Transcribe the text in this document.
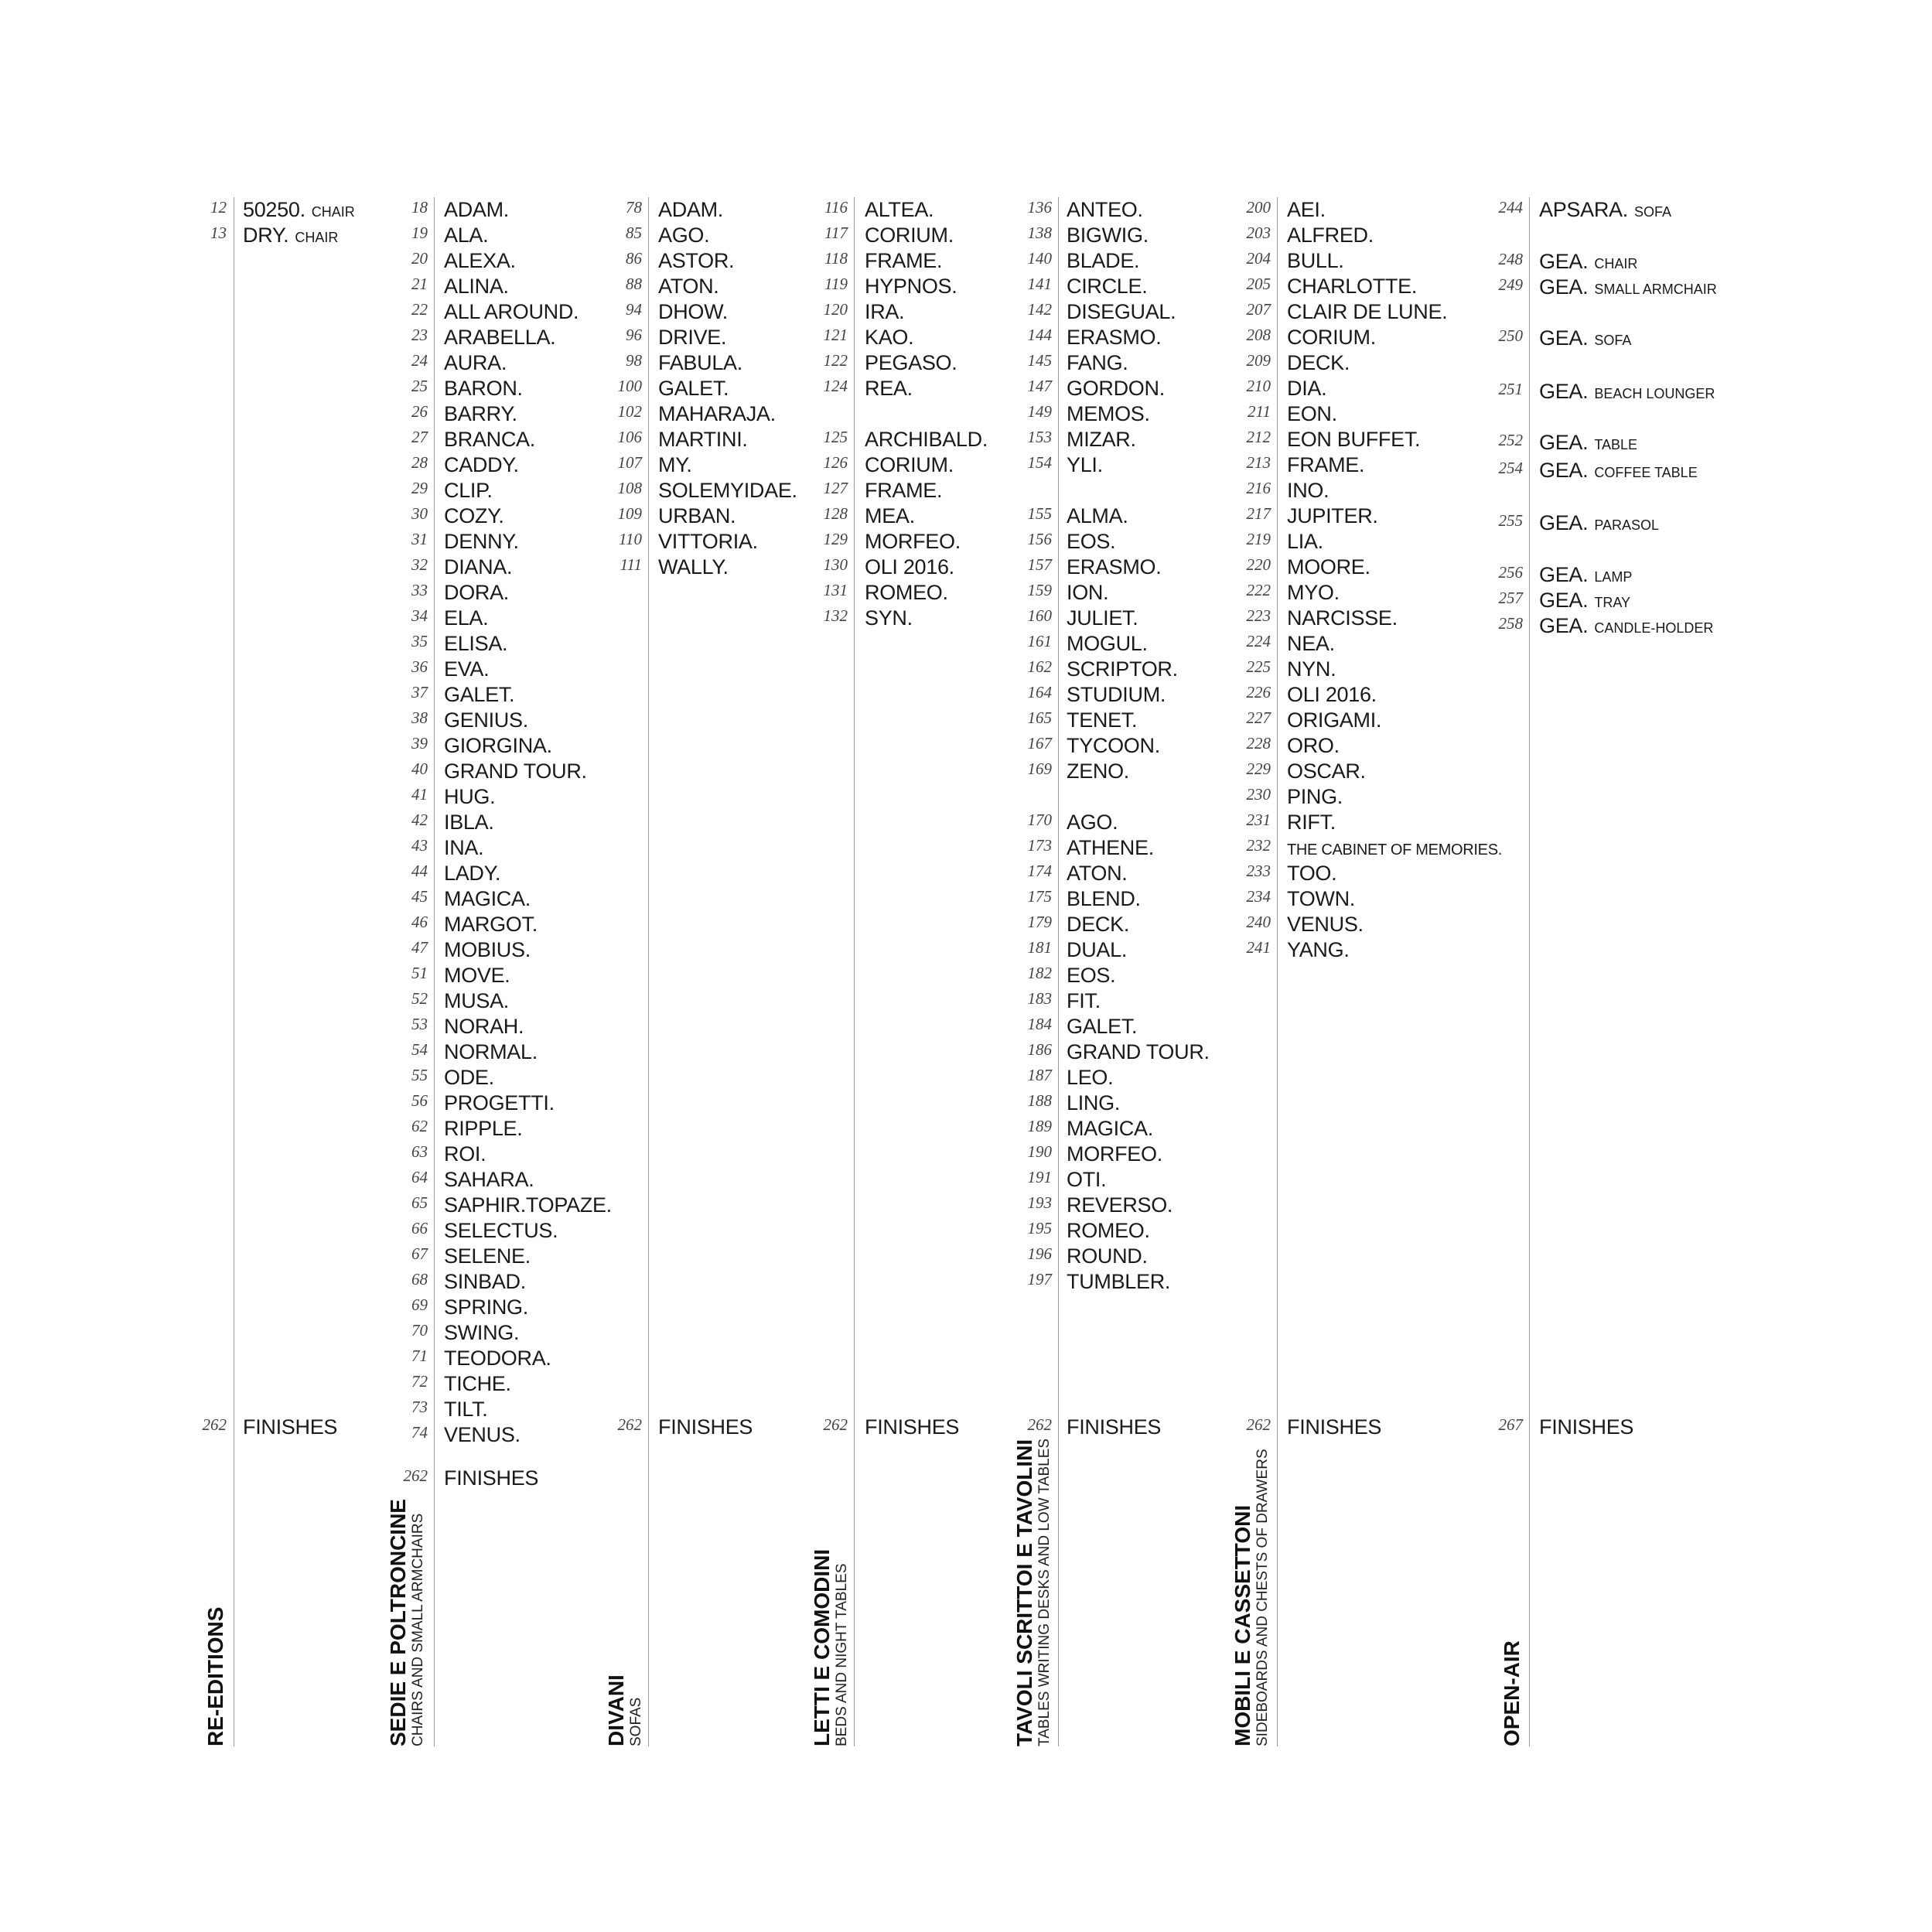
12 50250. CHAIR
13 DRY. CHAIR
262 FINISHES
RE-EDITIONS
18 ADAM.
19 ALA.
20 ALEXA.
21 ALINA.
22 ALL AROUND.
23 ARABELLA.
24 AURA.
25 BARON.
26 BARRY.
27 BRANCA.
28 CADDY.
29 CLIP.
30 COZY.
31 DENNY.
32 DIANA.
33 DORA.
34 ELA.
35 ELISA.
36 EVA.
37 GALET.
38 GENIUS.
39 GIORGINA.
40 GRAND TOUR.
41 HUG.
42 IBLA.
43 INA.
44 LADY.
45 MAGICA.
46 MARGOT.
47 MOBIUS.
51 MOVE.
52 MUSA.
53 NORAH.
54 NORMAL.
55 ODE.
56 PROGETTI.
62 RIPPLE.
63 ROI.
64 SAHARA.
65 SAPHIR.TOPAZE.
66 SELECTUS.
67 SELENE.
68 SINBAD.
69 SPRING.
70 SWING.
71 TEODORA.
72 TICHE.
73 TILT.
74 VENUS.
262 FINISHES
SEDIE E POLTRONCINE CHAIRS AND SMALL ARMCHAIRS
78 ADAM.
85 AGO.
86 ASTOR.
88 ATON.
94 DHOW.
96 DRIVE.
98 FABULA.
100 GALET.
102 MAHARAJA.
106 MARTINI.
107 MY.
108 SOLEMYIDAE.
109 URBAN.
110 VITTORIA.
111 WALLY.
262 FINISHES
DIVANI SOFAS
116 ALTEA.
117 CORIUM.
118 FRAME.
119 HYPNOS.
120 IRA.
121 KAO.
122 PEGASO.
124 REA.
125 ARCHIBALD.
126 CORIUM.
127 FRAME.
128 MEA.
129 MORFEO.
130 OLI 2016.
131 ROMEO.
132 SYN.
262 FINISHES
LETTI E COMODINI BEDS AND NIGHT TABLES
136 ANTEO.
138 BIGWIG.
140 BLADE.
141 CIRCLE.
142 DISEGUAL.
144 ERASMO.
145 FANG.
147 GORDON.
149 MEMOS.
153 MIZAR.
154 YLI.
155 ALMA.
156 EOS.
157 ERASMO.
159 ION.
160 JULIET.
161 MOGUL.
162 SCRIPTOR.
164 STUDIUM.
165 TENET.
167 TYCOON.
169 ZENO.
170 AGO.
173 ATHENE.
174 ATON.
175 BLEND.
179 DECK.
181 DUAL.
182 EOS.
183 FIT.
184 GALET.
186 GRAND TOUR.
187 LEO.
188 LING.
189 MAGICA.
190 MORFEO.
191 OTI.
193 REVERSO.
195 ROMEO.
196 ROUND.
197 TUMBLER.
262 FINISHES
TAVOLI SCRITTOI E TAVOLINI TABLES WRITING DESKS AND LOW TABLES
200 AEI.
203 ALFRED.
204 BULL.
205 CHARLOTTE.
207 CLAIR DE LUNE.
208 CORIUM.
209 DECK.
210 DIA.
211 EON.
212 EON BUFFET.
213 FRAME.
216 INO.
217 JUPITER.
219 LIA.
220 MOORE.
222 MYO.
223 NARCISSE.
224 NEA.
225 NYN.
226 OLI 2016.
227 ORIGAMI.
228 ORO.
229 OSCAR.
230 PING.
231 RIFT.
232 THE CABINET OF MEMORIES.
233 TOO.
234 TOWN.
240 VENUS.
241 YANG.
262 FINISHES
MOBILI E CASSETTONI SIDEBOARDS AND CHESTS OF DRAWERS
244 APSARA. SOFA
248 GEA. CHAIR
249 GEA. SMALL ARMCHAIR
250 GEA. SOFA
251 GEA. BEACH LOUNGER
252 GEA. TABLE
254 GEA. COFFEE TABLE
255 GEA. PARASOL
256 GEA. LAMP
257 GEA. TRAY
258 GEA. CANDLE-HOLDER
267 FINISHES
OPEN-AIR
